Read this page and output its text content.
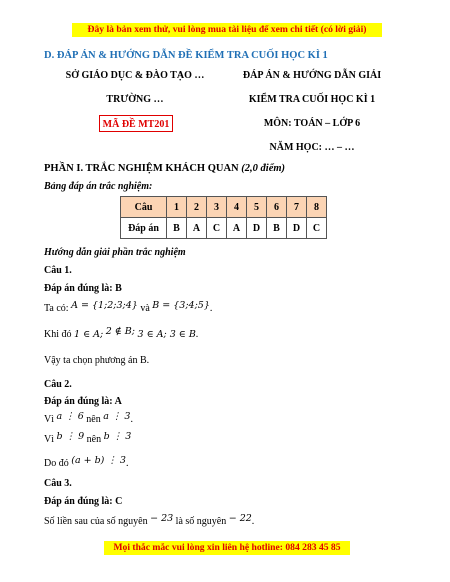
Đây là bản xem thử, vui lòng mua tài liệu để xem chi tiết (có lời giải)
D. ĐÁP ÁN & HƯỚNG DẪN ĐỀ KIỂM TRA CUỐI HỌC KÌ 1
SỞ GIÁO DỤC & ĐÀO TẠO …	ĐÁP ÁN & HƯỚNG DẪN GIẢI
TRƯỜNG …	KIỂM TRA CUỐI HỌC KÌ 1
MÃ ĐỀ MT201	MÔN: TOÁN – LỚP 6
NĂM HỌC: … – …
PHẦN I. TRẮC NGHIỆM KHÁCH QUAN (2,0 điểm)
Bảng đáp án trắc nghiệm:
Câu	1	2	3	4	5	6	7	8
Đáp án	B	A	C	A	D	B	D	C
Hướng dẫn giải phần trắc nghiệm
Câu 1.
Đáp án đúng là: B
Ta có: A = {1;2;3;4} và B = {3;4;5}.
Khi đó 1 ∈ A; 2 ∉ B; 3 ∈ A; 3 ∈ B.
Vậy ta chọn phương án B.
Câu 2.
Đáp án đúng là: A
Vì a ⋮ 6 nên a ⋮ 3.
Vì b ⋮ 9 nên b ⋮ 3
Do đó (a + b) ⋮ 3.
Câu 3.
Đáp án đúng là: C
Số liền sau của số nguyên − 23 là số nguyên − 22.
Mọi thắc mắc vui lòng xin liên hệ hotline: 084 283 45 85
